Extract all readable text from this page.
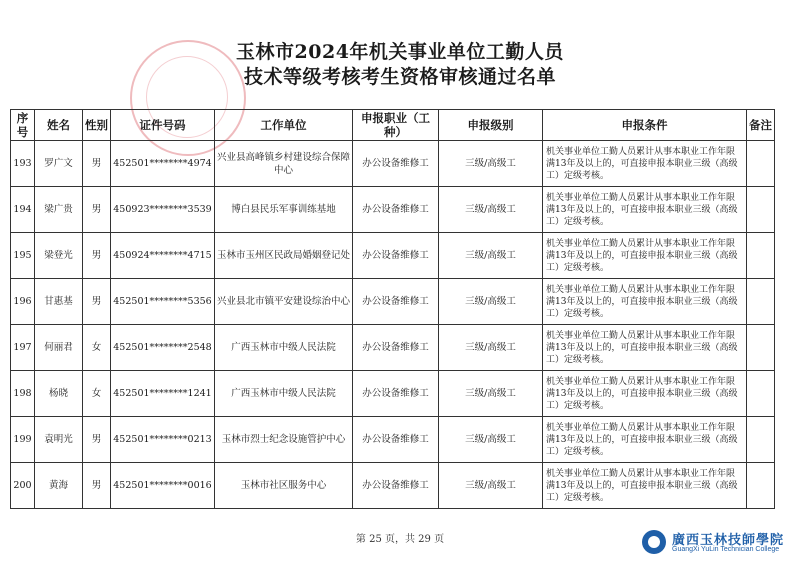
玉林市2024年机关事业单位工勤人员
技术等级考核考生资格审核通过名单
序号	姓名	性别	证件号码	工作单位	申报职业（工种）	申报级别	申报条件	备注
193	罗广文	男	452501********4974	兴业县高峰镇乡村建设综合保障中心	办公设备维修工	三级/高级工	机关事业单位工勤人员累计从事本职业工作年限满13年及以上的，可直接申报本职业三级（高级工）定级考核。	
194	梁广贵	男	450923********3539	博白县民乐军事训练基地	办公设备维修工	三级/高级工	机关事业单位工勤人员累计从事本职业工作年限满13年及以上的，可直接申报本职业三级（高级工）定级考核。	
195	梁登光	男	450924********4715	玉林市玉州区民政局婚姻登记处	办公设备维修工	三级/高级工	机关事业单位工勤人员累计从事本职业工作年限满13年及以上的，可直接申报本职业三级（高级工）定级考核。	
196	甘惠基	男	452501********5356	兴业县北市镇平安建设综治中心	办公设备维修工	三级/高级工	机关事业单位工勤人员累计从事本职业工作年限满13年及以上的，可直接申报本职业三级（高级工）定级考核。	
197	何丽君	女	452501********2548	广西玉林市中级人民法院	办公设备维修工	三级/高级工	机关事业单位工勤人员累计从事本职业工作年限满13年及以上的，可直接申报本职业三级（高级工）定级考核。	
198	杨晓	女	452501********1241	广西玉林市中级人民法院	办公设备维修工	三级/高级工	机关事业单位工勤人员累计从事本职业工作年限满13年及以上的，可直接申报本职业三级（高级工）定级考核。	
199	袁明光	男	452501********0213	玉林市烈士纪念设施管护中心	办公设备维修工	三级/高级工	机关事业单位工勤人员累计从事本职业工作年限满13年及以上的，可直接申报本职业三级（高级工）定级考核。	
200	黄海	男	452501********0016	玉林市社区服务中心	办公设备维修工	三级/高级工	机关事业单位工勤人员累计从事本职业工作年限满13年及以上的，可直接申报本职业三级（高级工）定级考核。	
第 25 页，共 29 页	廣西玉林技師學院
GuangXi YuLin Technician College
